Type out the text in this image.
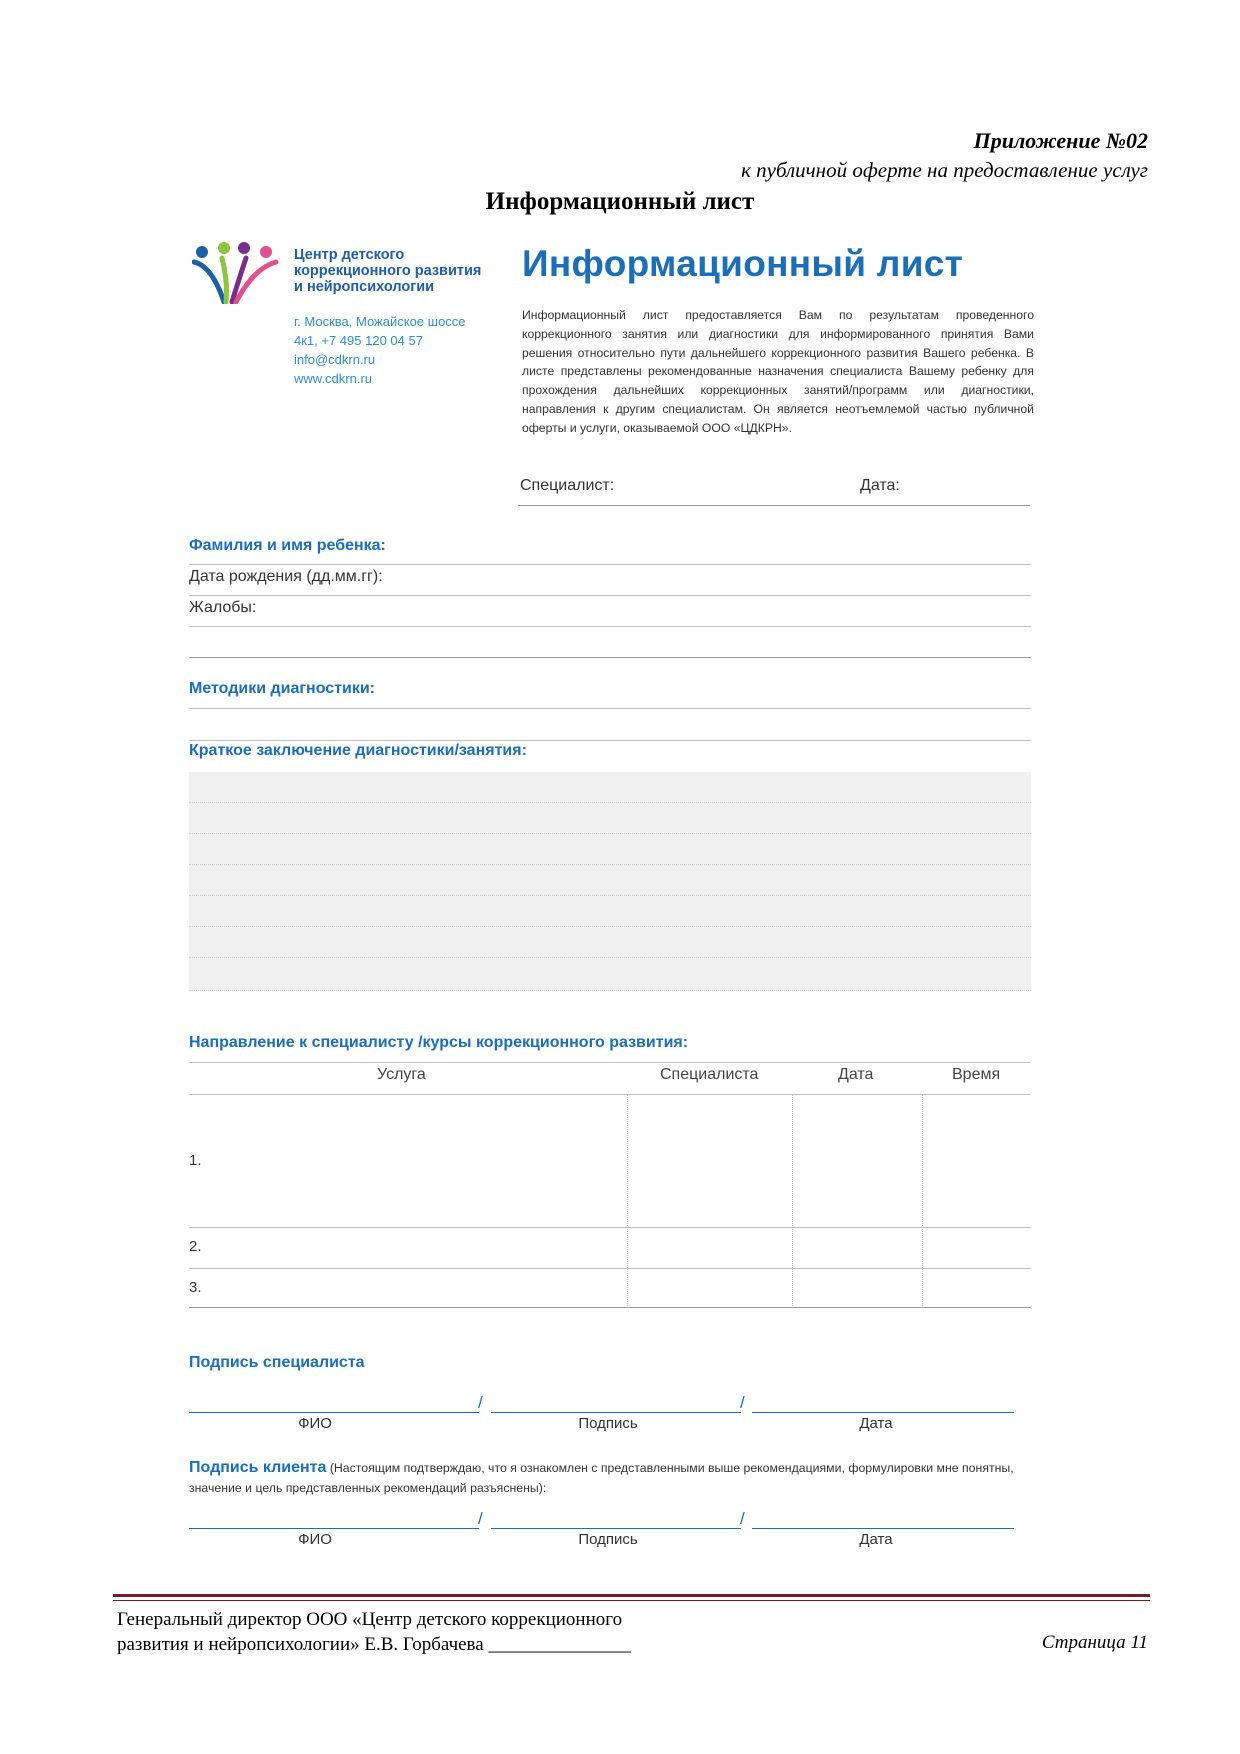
Приложение №02
к публичной оферте на предоставление услуг
Информационный лист
Центр детского
коррекционного развития
и нейропсихологии
г. Москва, Можайское шоссе
4к1, +7 495 120 04 57
info@cdkrn.ru
www.cdkrn.ru
Информационный лист
Информационный лист предоставляется Вам по результатам проведенного коррекционного занятия или диагностики для информированного принятия Вами решения относительно пути дальнейшего коррекционного развития Вашего ребенка. В листе представлены рекомендованные назначения специалиста Вашему ребенку для прохождения дальнейших коррекционных занятий/программ или диагностики, направления к другим специалистам. Он является неотъемлемой частью публичной оферты и услуги, оказываемой ООО «ЦДКРН».
Специалист:	Дата:
Фамилия и имя ребенка:
Дата рождения (дд.мм.гг):
Жалобы:
Методики диагностики:
Краткое заключение диагностики/занятия:
Направление к специалисту /курсы коррекционного развития:
Услуга	Специалиста	Дата	Время
1.
2.
3.
Подпись специалиста
/	/
ФИО	Подпись	Дата
Подпись клиента (Настоящим подтверждаю, что я ознакомлен с представленными выше рекомендациями, формулировки мне понятны, значение и цель представленных рекомендаций разъяснены):
/	/
ФИО	Подпись	Дата
Генеральный директор ООО «Центр детского коррекционного
развития и нейропсихологии» Е.В. Горбачева _______________	Страница 11
